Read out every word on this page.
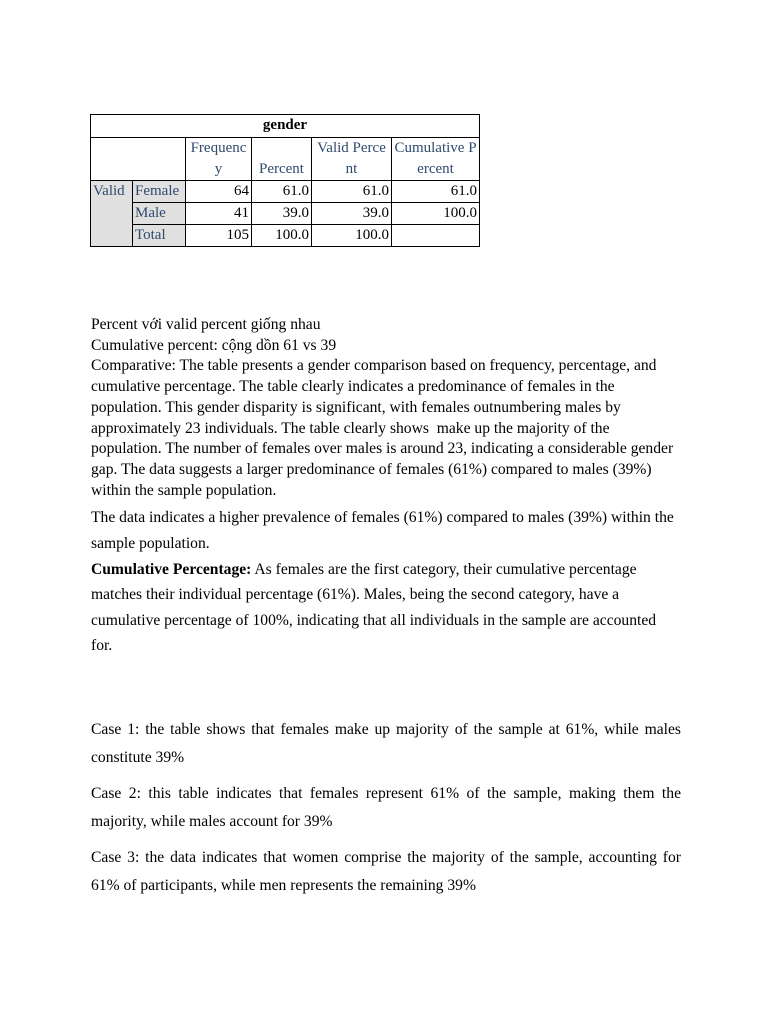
gender					
		Frequency	Percent	Valid Percent	Cumulative Percent
Valid	Female	64	61.0	61.0	61.0
	Male	41	39.0	39.0	100.0
	Total	105	100.0	100.0	

Percent với valid percent giống nhau

Cumulative percent: cộng dồn 61 vs 39

Comparative: The table presents a gender comparison based on frequency, percentage, and cumulative percentage. The table clearly indicates a predominance of females in the population. This gender disparity is significant, with females outnumbering males by approximately 23 individuals. The table clearly shows  make up the majority of the population. The number of females over males is around 23, indicating a considerable gender gap. The data suggests a larger predominance of females (61%) compared to males (39%) within the sample population.

The data indicates a higher prevalence of females (61%) compared to males (39%) within the sample population.

Cumulative Percentage: As females are the first category, their cumulative percentage matches their individual percentage (61%). Males, being the second category, have a cumulative percentage of 100%, indicating that all individuals in the sample are accounted for.

Case 1: the table shows that females make up majority of the sample at 61%, while males constitute 39%

Case 2: this table indicates that females represent 61% of the sample, making them the majority, while males account for 39%

Case 3: the data indicates that women comprise the majority of the sample, accounting for 61% of participants, while men represents the remaining 39%
